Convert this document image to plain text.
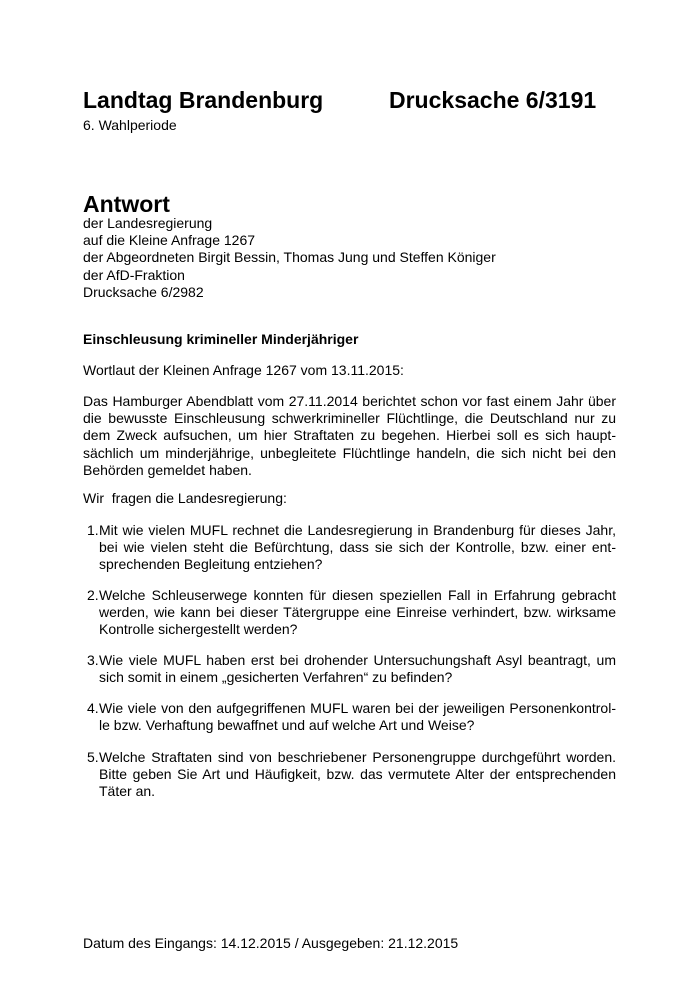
Landtag Brandenburg	Drucksache 6/3191
6. Wahlperiode
Antwort
der Landesregierung
auf die Kleine Anfrage 1267
der Abgeordneten Birgit Bessin, Thomas Jung und Steffen Königer
der AfD-Fraktion
Drucksache 6/2982
Einschleusung krimineller Minderjähriger
Wortlaut der Kleinen Anfrage 1267 vom 13.11.2015:
Das Hamburger Abendblatt vom 27.11.2014 berichtet schon vor fast einem Jahr über
die bewusste Einschleusung schwerkrimineller Flüchtlinge, die Deutschland nur zu
dem Zweck aufsuchen, um hier Straftaten zu begehen. Hierbei soll es sich haupt-
sächlich um minderjährige, unbegleitete Flüchtlinge handeln, die sich nicht bei den
Behörden gemeldet haben.
Wir  fragen die Landesregierung:
1. Mit wie vielen MUFL rechnet die Landesregierung in Brandenburg für dieses Jahr,
bei wie vielen steht die Befürchtung, dass sie sich der Kontrolle, bzw. einer ent-
sprechenden Begleitung entziehen?
2. Welche Schleuserwege konnten für diesen speziellen Fall in Erfahrung gebracht
werden, wie kann bei dieser Tätergruppe eine Einreise verhindert, bzw. wirksame
Kontrolle sichergestellt werden?
3. Wie viele MUFL haben erst bei drohender Untersuchungshaft Asyl beantragt, um
sich somit in einem „gesicherten Verfahren“ zu befinden?
4. Wie viele von den aufgegriffenen MUFL waren bei der jeweiligen Personenkontrol-
le bzw. Verhaftung bewaffnet und auf welche Art und Weise?
5. Welche Straftaten sind von beschriebener Personengruppe durchgeführt worden.
Bitte geben Sie Art und Häufigkeit, bzw. das vermutete Alter der entsprechenden
Täter an.
Datum des Eingangs: 14.12.2015 / Ausgegeben: 21.12.2015
